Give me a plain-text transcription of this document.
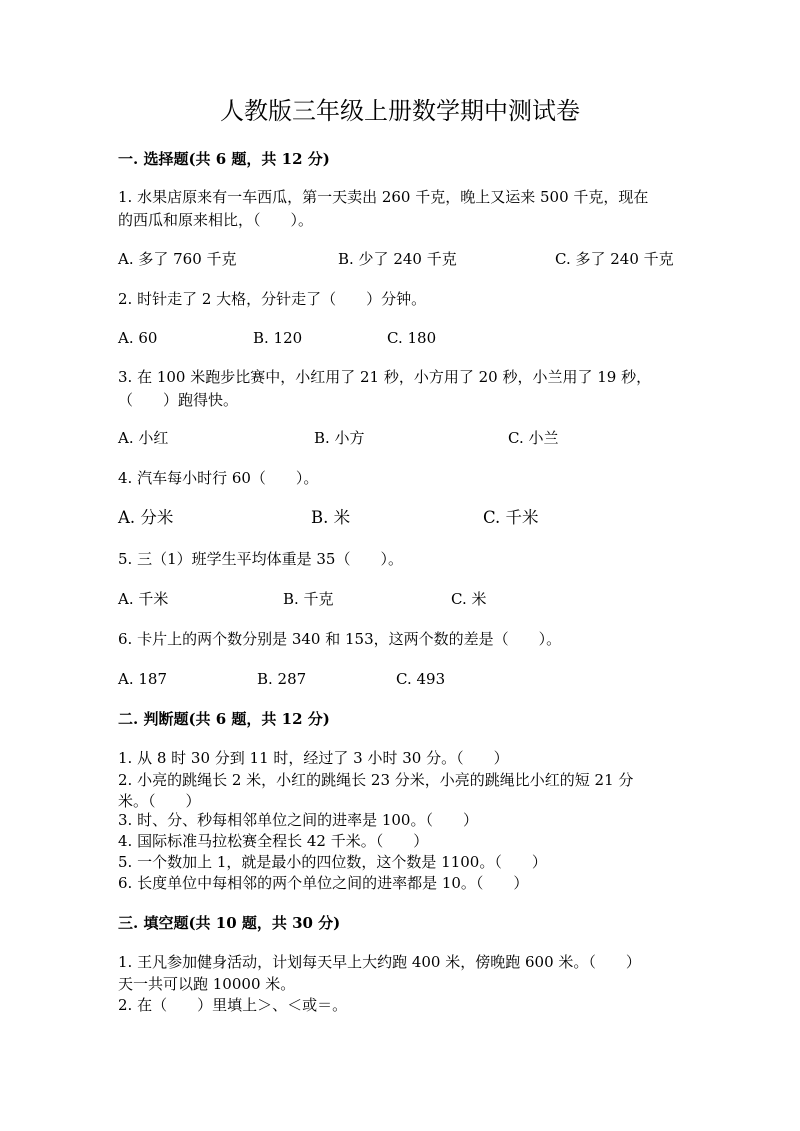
人教版三年级上册数学期中测试卷
一. 选择题(共 6 题，共 12 分)
1. 水果店原来有一车西瓜，第一天卖出 260 千克，晚上又运来 500 千克，现在
的西瓜和原来相比，（　　）。
A. 多了 760 千克	B. 少了 240 千克	C. 多了 240 千克
2. 时针走了 2 大格，分针走了（　　）分钟。
A. 60	B. 120	C. 180
3. 在 100 米跑步比赛中，小红用了 21 秒，小方用了 20 秒，小兰用了 19 秒，
（　　）跑得快。
A. 小红	B. 小方	C. 小兰
4. 汽车每小时行 60（　　）。
A. 分米	B. 米	C. 千米
5. 三（1）班学生平均体重是 35（　　）。
A. 千米	B. 千克	C. 米
6. 卡片上的两个数分别是 340 和 153，这两个数的差是（　　）。
A. 187	B. 287	C. 493
二. 判断题(共 6 题，共 12 分)
1. 从 8 时 30 分到 11 时，经过了 3 小时 30 分。（　　）
2. 小亮的跳绳长 2 米，小红的跳绳长 23 分米，小亮的跳绳比小红的短 21 分
米。（　　）
3. 时、分、秒每相邻单位之间的进率是 100。（　　）
4. 国际标准马拉松赛全程长 42 千米。（　　）
5. 一个数加上 1，就是最小的四位数，这个数是 1100。（　　）
6. 长度单位中每相邻的两个单位之间的进率都是 10。（　　）
三. 填空题(共 10 题，共 30 分)
1. 王凡参加健身活动，计划每天早上大约跑 400 米，傍晚跑 600 米。（　　）
天一共可以跑 10000 米。
2. 在（　　）里填上＞、＜或＝。
